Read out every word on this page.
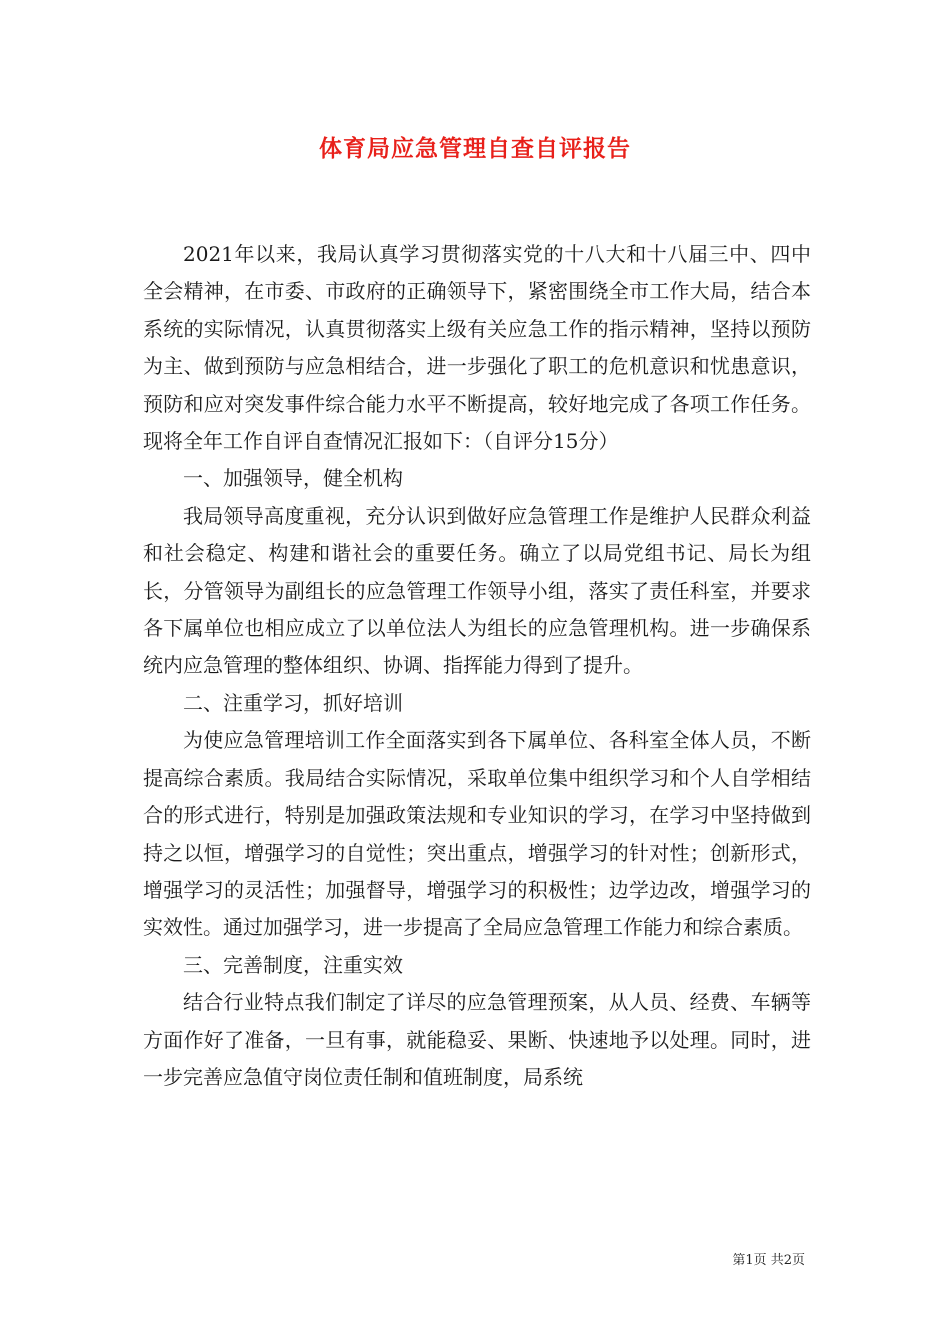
体育局应急管理自查自评报告

2021年以来，我局认真学习贯彻落实党的十八大和十八届三中、四中全会精神，在市委、市政府的正确领导下，紧密围绕全市工作大局，结合本系统的实际情况，认真贯彻落实上级有关应急工作的指示精神，坚持以预防为主、做到预防与应急相结合，进一步强化了职工的危机意识和忧患意识，预防和应对突发事件综合能力水平不断提高，较好地完成了各项工作任务。现将全年工作自评自查情况汇报如下：（自评分15分）

一、加强领导，健全机构

我局领导高度重视，充分认识到做好应急管理工作是维护人民群众利益和社会稳定、构建和谐社会的重要任务。确立了以局党组书记、局长为组长，分管领导为副组长的应急管理工作领导小组，落实了责任科室，并要求各下属单位也相应成立了以单位法人为组长的应急管理机构。进一步确保系统内应急管理的整体组织、协调、指挥能力得到了提升。

二、注重学习，抓好培训

为使应急管理培训工作全面落实到各下属单位、各科室全体人员，不断提高综合素质。我局结合实际情况，采取单位集中组织学习和个人自学相结合的形式进行，特别是加强政策法规和专业知识的学习，在学习中坚持做到持之以恒，增强学习的自觉性；突出重点，增强学习的针对性；创新形式，增强学习的灵活性；加强督导，增强学习的积极性；边学边改，增强学习的实效性。通过加强学习，进一步提高了全局应急管理工作能力和综合素质。

三、完善制度，注重实效

结合行业特点我们制定了详尽的应急管理预案，从人员、经费、车辆等方面作好了准备，一旦有事，就能稳妥、果断、快速地予以处理。同时，进一步完善应急值守岗位责任制和值班制度，局系统

第1页 共2页
